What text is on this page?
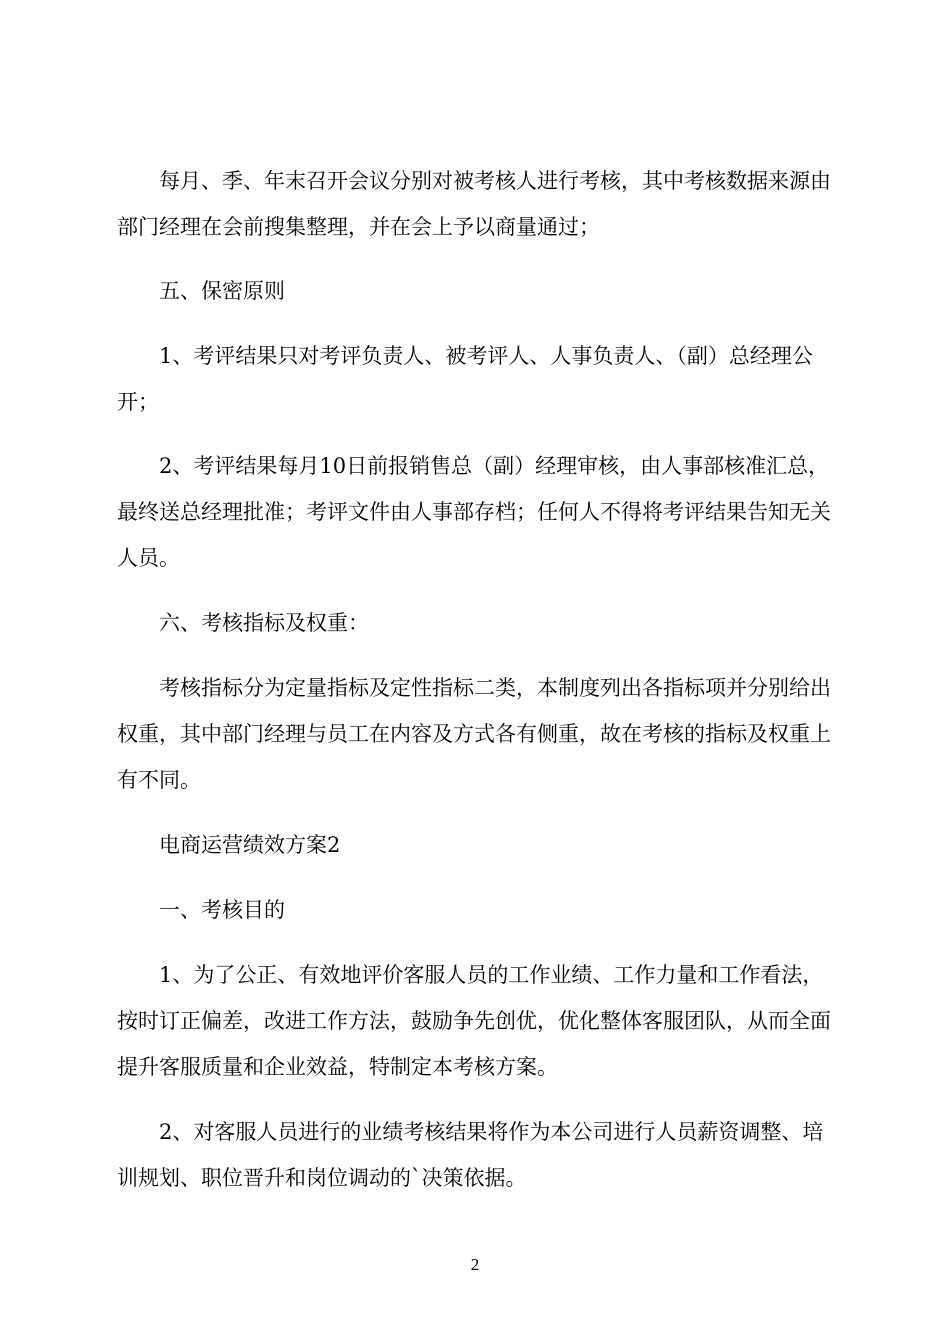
每月、季、年末召开会议分别对被考核人进行考核，其中考核数据来源由部门经理在会前搜集整理，并在会上予以商量通过；

五、保密原则

1、考评结果只对考评负责人、被考评人、人事负责人、（副）总经理公开；

2、考评结果每月10日前报销售总（副）经理审核，由人事部核准汇总，最终送总经理批准；考评文件由人事部存档；任何人不得将考评结果告知无关人员。

六、考核指标及权重：

考核指标分为定量指标及定性指标二类，本制度列出各指标项并分别给出权重，其中部门经理与员工在内容及方式各有侧重，故在考核的指标及权重上有不同。

电商运营绩效方案2

一、考核目的

1、为了公正、有效地评价客服人员的工作业绩、工作力量和工作看法，按时订正偏差，改进工作方法，鼓励争先创优，优化整体客服团队，从而全面提升客服质量和企业效益，特制定本考核方案。

2、对客服人员进行的业绩考核结果将作为本公司进行人员薪资调整、培训规划、职位晋升和岗位调动的`决策依据。

2
